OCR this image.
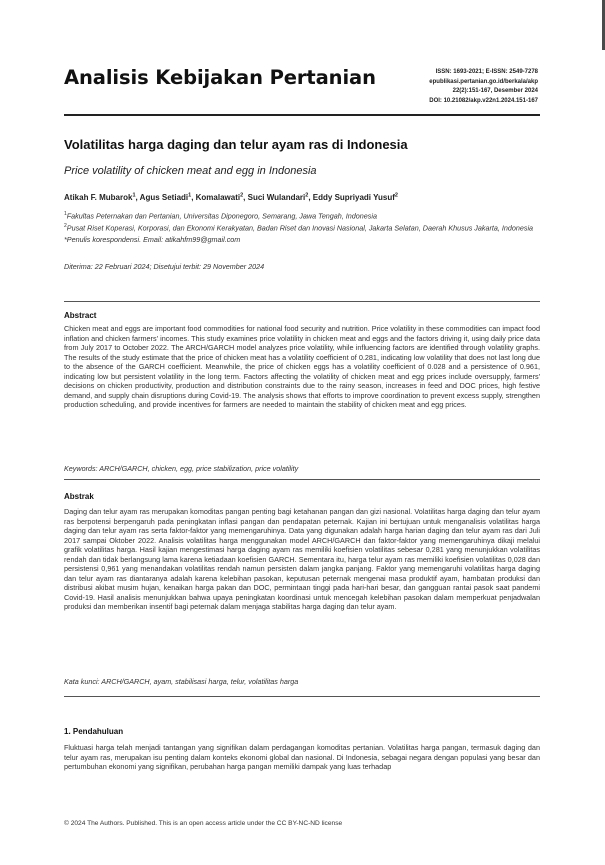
Analisis Kebijakan Pertanian	ISSN: 1693-2021; E-ISSN: 2549-7278
epublikasi.pertanian.go.id/berkala/akp
22(2):151-167, Desember 2024
DOI: 10.21082/akp.v22n1.2024.151-167
Volatilitas harga daging dan telur ayam ras di Indonesia
Price volatility of chicken meat and egg in Indonesia
Atikah F. Mubarok$^1$, Agus Setiadi$^1$, Komalawati$^2$, Suci Wulandari$^2$, Eddy Supriyadi Yusuf$^2$
$^1$Fakultas Peternakan dan Pertanian, Universitas Diponegoro, Semarang, Jawa Tengah, Indonesia
$^2$Pusat Riset Koperasi, Korporasi, dan Ekonomi Kerakyatan, Badan Riset dan Inovasi Nasional, Jakarta Selatan, Daerah Khusus Jakarta, Indonesia
*Penulis korespondensi. Email: atikahfm99@gmail.com
Diterima: 22 Februari 2024; Disetujui terbit: 29 November 2024
Abstract
Chicken meat and eggs are important food commodities for national food security and nutrition. Price volatility in these commodities can impact food inflation and chicken farmers' incomes. This study examines price volatility in chicken meat and eggs and the factors driving it, using daily price data from July 2017 to October 2022. The ARCH/GARCH model analyzes price volatility, while influencing factors are identified through volatility graphs. The results of the study estimate that the price of chicken meat has a volatility coefficient of 0.281, indicating low volatility that does not last long due to the absence of the GARCH coefficient. Meanwhile, the price of chicken eggs has a volatility coefficient of 0.028 and a persistence of 0.961, indicating low but persistent volatility in the long term. Factors affecting the volatility of chicken meat and egg prices include oversupply, farmers' decisions on chicken productivity, production and distribution constraints due to the rainy season, increases in feed and DOC prices, high festive demand, and supply chain disruptions during Covid-19. The analysis shows that efforts to improve coordination to prevent excess supply, strengthen production scheduling, and provide incentives for farmers are needed to maintain the stability of chicken meat and egg prices.
Keywords: ARCH/GARCH, chicken, egg, price stabilization, price volatility
Abstrak
Daging dan telur ayam ras merupakan komoditas pangan penting bagi ketahanan pangan dan gizi nasional. Volatilitas harga daging dan telur ayam ras berpotensi berpengaruh pada peningkatan inflasi pangan dan pendapatan peternak. Kajian ini bertujuan untuk menganalisis volatilitas harga daging dan telur ayam ras serta faktor-faktor yang memengaruhinya. Data yang digunakan adalah harga harian daging dan telur ayam ras dari Juli 2017 sampai Oktober 2022. Analisis volatilitas harga menggunakan model ARCH/GARCH dan faktor-faktor yang memengaruhinya dikaji melalui grafik volatilitas harga. Hasil kajian mengestimasi harga daging ayam ras memiliki koefisien volatilitas sebesar 0,281 yang menunjukkan volatilitas rendah dan tidak berlangsung lama karena ketiadaan koefisien GARCH. Sementara itu, harga telur ayam ras memiliki koefisien volatilitas 0,028 dan persistensi 0,961 yang menandakan volatilitas rendah namun persisten dalam jangka panjang. Faktor yang memengaruhi volatilitas harga daging dan telur ayam ras diantaranya adalah karena kelebihan pasokan, keputusan peternak mengenai masa produktif ayam, hambatan produksi dan distribusi akibat musim hujan, kenaikan harga pakan dan DOC, permintaan tinggi pada hari-hari besar, dan gangguan rantai pasok saat pandemi Covid-19. Hasil analisis menunjukkan bahwa upaya peningkatan koordinasi untuk mencegah kelebihan pasokan dalam memperkuat penjadwalan produksi dan memberikan insentif bagi peternak dalam menjaga stabilitas harga daging dan telur ayam.
Kata kunci: ARCH/GARCH, ayam, stabilisasi harga, telur, volatilitas harga
1. Pendahuluan
Fluktuasi harga telah menjadi tantangan yang signifikan dalam perdagangan komoditas pertanian. Volatilitas harga pangan, termasuk daging dan telur ayam ras, merupakan isu penting dalam konteks ekonomi global dan nasional. Di Indonesia, sebagai negara dengan populasi yang besar dan pertumbuhan ekonomi yang signifikan, perubahan harga pangan memiliki dampak yang luas terhadap
© 2024 The Authors. Published. This is an open access article under the CC BY-NC-ND license
